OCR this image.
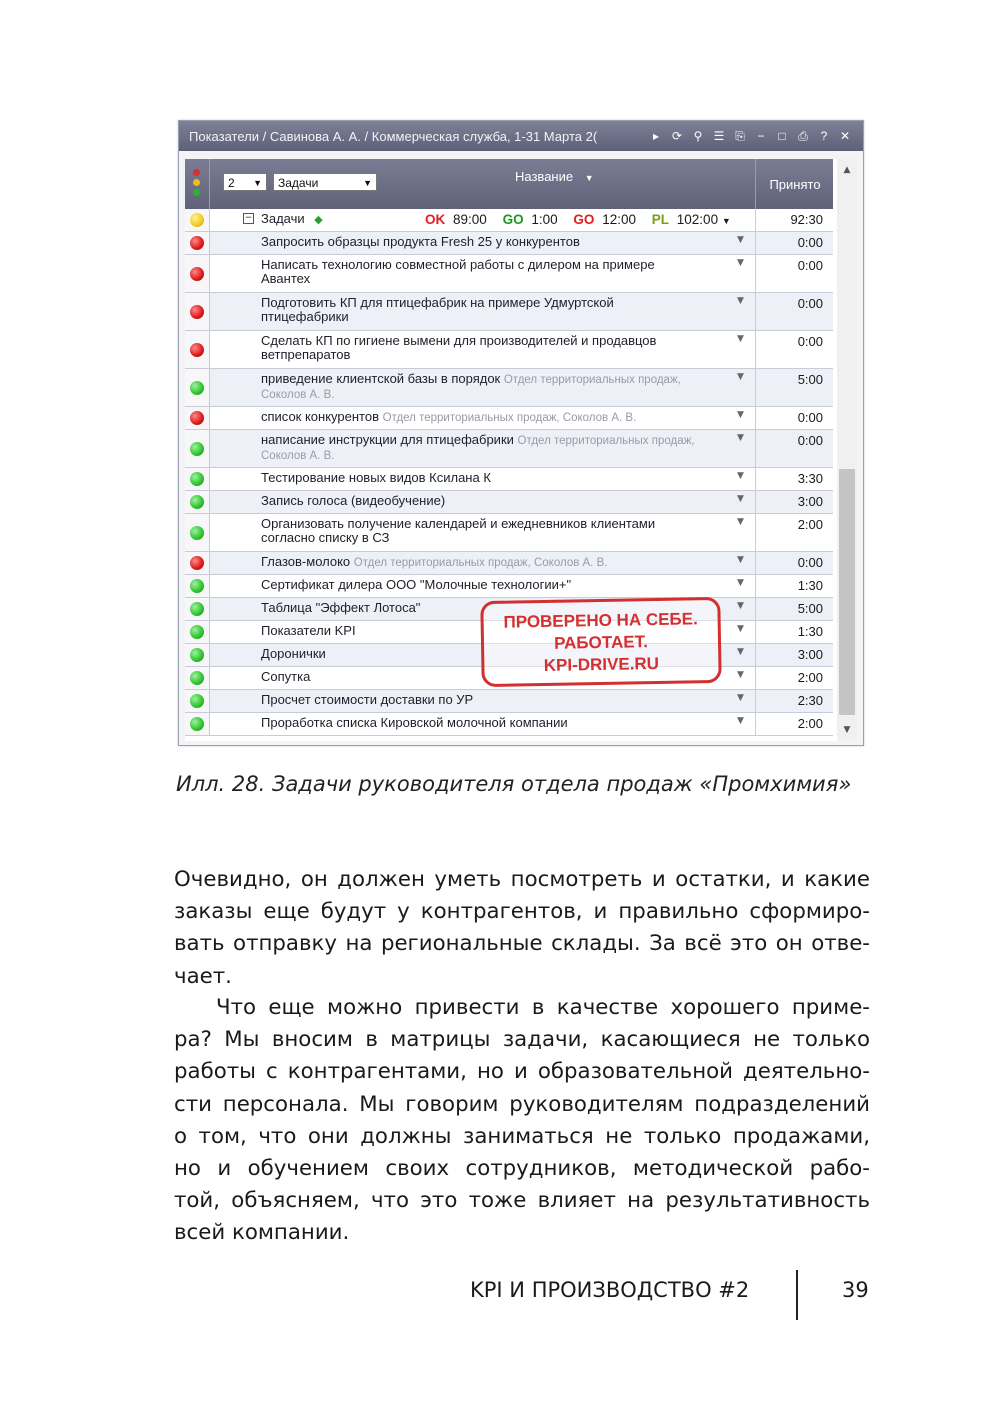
Показатели / Савинова А. А. / Коммерческая служба, 1-31 Марта 2(	▸ ⟳ ⚲ ☰ ⎘ − □ ⎙ ? ✕
2 ▼	Задачи	▼	Название ▼	Принято
− Задачи ◆	OK 89:00 GO 1:00 GO 12:00 PL 102:00 ▼	92:30
Запросить образцы продукта Fresh 25 у конкурентов	▼	0:00
Написать технологию совместной работы с дилером на примере
Авантех
▼	0:00
Подготовить КП для птицефабрик на примере Удмуртской
птицефабрики
▼	0:00
Сделать КП по гигиене вымени для производителей и продавцов
ветпрепаратов
▼	0:00
приведение клиентской базы в порядок Отдел территориальных продаж, Соколов А. В.
▼	5:00
список конкурентов Отдел территориальных продаж, Соколов А. В.	▼	0:00
написание инструкции для птицефабрики Отдел территориальных продаж, Соколов А. В.
▼	0:00
Тестирование новых видов Ксилана К	▼	3:30
Запись голоса (видеобучение)	▼	3:00
Организовать получение календарей и ежедневников клиентами
согласно списку в СЗ
▼	2:00
Глазов-молоко Отдел территориальных продаж, Соколов А. В.	▼	0:00
Сертификат дилера ООО "Молочные технологии+"	▼	1:30
Таблица "Эффект Лотоса"	▼	5:00
Показатели KPI	▼	1:30
Доронички	▼	3:00
Сопутка	▼	2:00
Просчет стоимости доставки по УР	▼	2:30
Проработка списка Кировской молочной компании	▼	2:00
▲
▼
ПРОВЕРЕНО НА СЕБЕ.
РАБОТАЕТ.
KPI-DRIVE.RU
Илл. 28. Задачи руководителя отдела продаж «Промхимия»
Очевидно, он должен уметь посмотреть и остатки, и какие
заказы еще будут у контрагентов, и правильно сформиро-
вать отправку на региональные склады. За всё это он отве-
чает.
Что еще можно привести в качестве хорошего приме-
ра? Мы вносим в матрицы задачи, касающиеся не только
работы с контрагентами, но и образовательной деятельно-
сти персонала. Мы говорим руководителям подразделений
о том, что они должны заниматься не только продажами,
но и обучением своих сотрудников, методической рабо-
той, объясняем, что это тоже влияет на результативность
всей компании.
KPI И ПРОИЗВОДСТВО #2	39
